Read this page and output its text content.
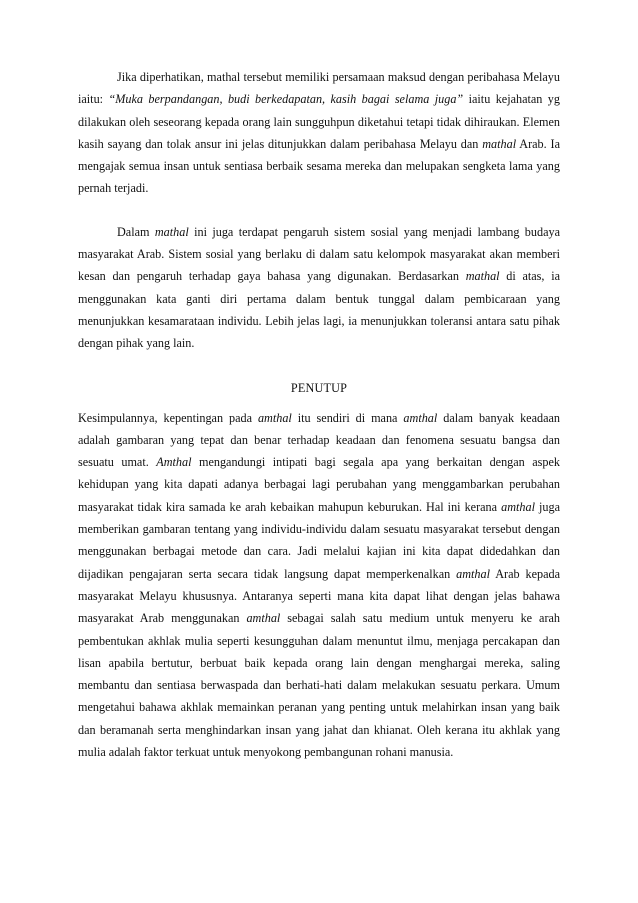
Jika diperhatikan, mathal tersebut memiliki persamaan maksud dengan peribahasa Melayu iaitu: “Muka berpandangan, budi berkedapatan, kasih bagai selama juga” iaitu kejahatan yg dilakukan oleh seseorang kepada orang lain sungguhpun diketahui tetapi tidak dihiraukan. Elemen kasih sayang dan tolak ansur ini jelas ditunjukkan dalam peribahasa Melayu dan mathal Arab. Ia mengajak semua insan untuk sentiasa berbaik sesama mereka dan melupakan sengketa lama yang pernah terjadi.

Dalam mathal ini juga terdapat pengaruh sistem sosial yang menjadi lambang budaya masyarakat Arab. Sistem sosial yang berlaku di dalam satu kelompok masyarakat akan memberi kesan dan pengaruh terhadap gaya bahasa yang digunakan. Berdasarkan mathal di atas, ia menggunakan kata ganti diri pertama dalam bentuk tunggal dalam pembicaraan yang menunjukkan kesamarataan individu. Lebih jelas lagi, ia menunjukkan toleransi antara satu pihak dengan pihak yang lain.

PENUTUP

Kesimpulannya, kepentingan pada amthal itu sendiri di mana amthal dalam banyak keadaan adalah gambaran yang tepat dan benar terhadap keadaan dan fenomena sesuatu bangsa dan sesuatu umat. Amthal mengandungi intipati bagi segala apa yang berkaitan dengan aspek kehidupan yang kita dapati adanya berbagai lagi perubahan yang menggambarkan perubahan masyarakat tidak kira samada ke arah kebaikan mahupun keburukan. Hal ini kerana amthal juga memberikan gambaran tentang yang individu-individu dalam sesuatu masyarakat tersebut dengan menggunakan berbagai metode dan cara. Jadi melalui kajian ini kita dapat didedahkan dan dijadikan pengajaran serta secara tidak langsung dapat memperkenalkan amthal Arab kepada masyarakat Melayu khususnya. Antaranya seperti mana kita dapat lihat dengan jelas bahawa masyarakat Arab menggunakan amthal sebagai salah satu medium untuk menyeru ke arah pembentukan akhlak mulia seperti kesungguhan dalam menuntut ilmu, menjaga percakapan dan lisan apabila bertutur, berbuat baik kepada orang lain dengan menghargai mereka, saling membantu dan sentiasa berwaspada dan berhati-hati dalam melakukan sesuatu perkara. Umum mengetahui bahawa akhlak memainkan peranan yang penting untuk melahirkan insan yang baik dan beramanah serta menghindarkan insan yang jahat dan khianat. Oleh kerana itu akhlak yang mulia adalah faktor terkuat untuk menyokong pembangunan rohani manusia.
